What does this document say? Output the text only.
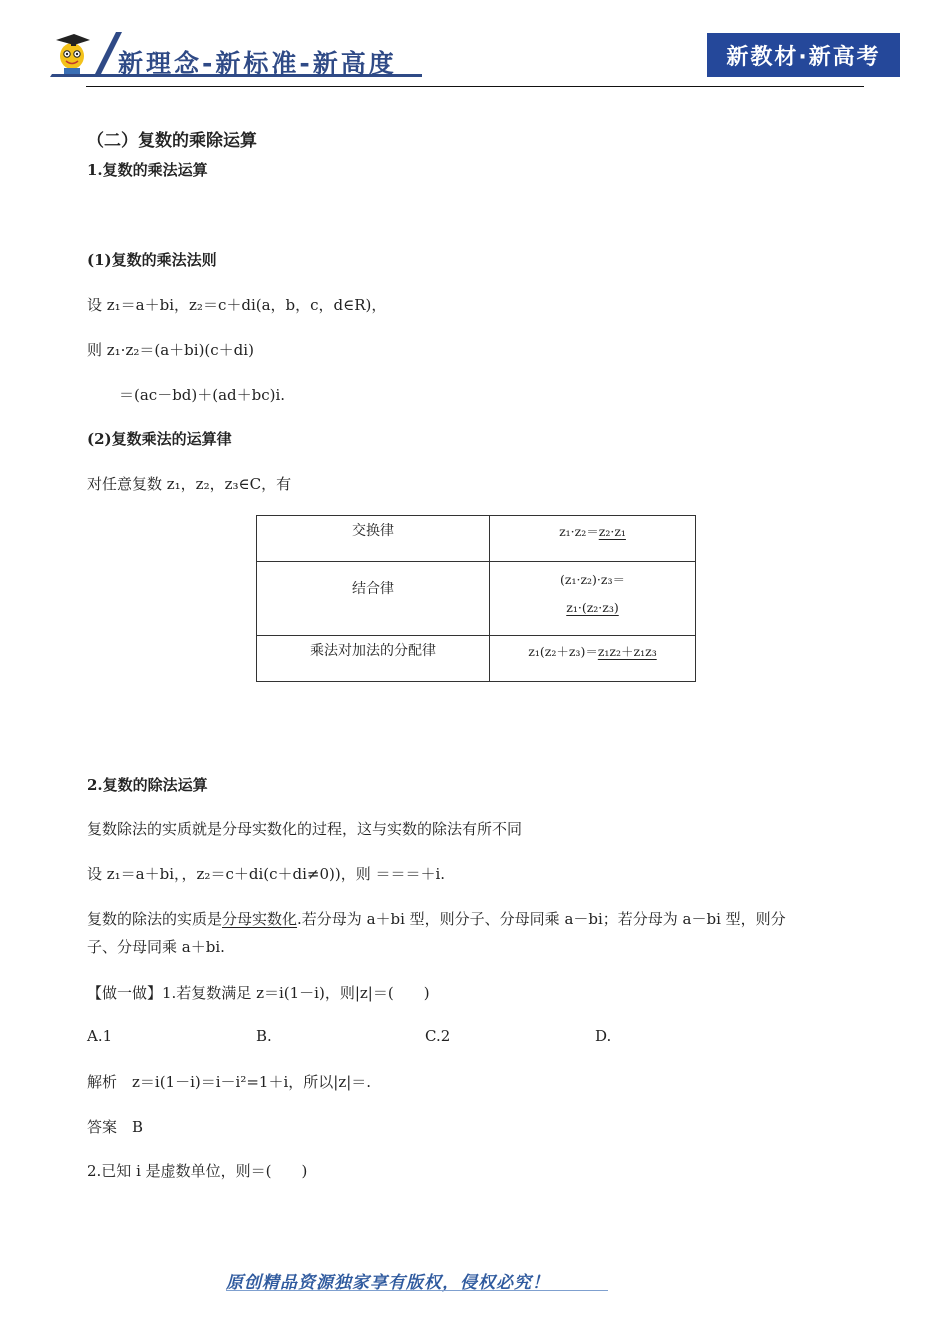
新理念-新标准-新高度	新教材·新高考
（二）复数的乘除运算
1.复数的乘法运算
(1)复数的乘法法则
设 z₁＝a＋bi，z₂＝c＋di(a，b，c，d∈R)，
则 z₁·z₂＝(a＋bi)(c＋di)
＝(ac－bd)＋(ad＋bc)i.
(2)复数乘法的运算律
对任意复数 z₁，z₂，z₃∈C，有
交换律	z₁·z₂＝z₂·z₁
结合律	(z₁·z₂)·z₃＝
z₁·(z₂·z₃)

乘法对加法的分配律	z₁(z₂＋z₃)＝z₁z₂＋z₁z₃
2.复数的除法运算
复数除法的实质就是分母实数化的过程，这与实数的除法有所不同
设 z₁＝a＋bi，，z₂＝c＋di(c＋di≠0))，则 ＝＝＝＋i.
复数的除法的实质是分母实数化.若分母为 a＋bi 型，则分子、分母同乘 a－bi；若分母为 a－bi 型，则分
子、分母同乘 a＋bi.
【做一做】1.若复数满足 z＝i(1－i)，则|z|＝(　　)
A.1	B.	C.2	D.
解析　z＝i(1－i)＝i－i²=1＋i，所以|z|＝.
答案　B
2.已知 i 是虚数单位，则＝(　　)
原创精品资源独家享有版权，侵权必究！
